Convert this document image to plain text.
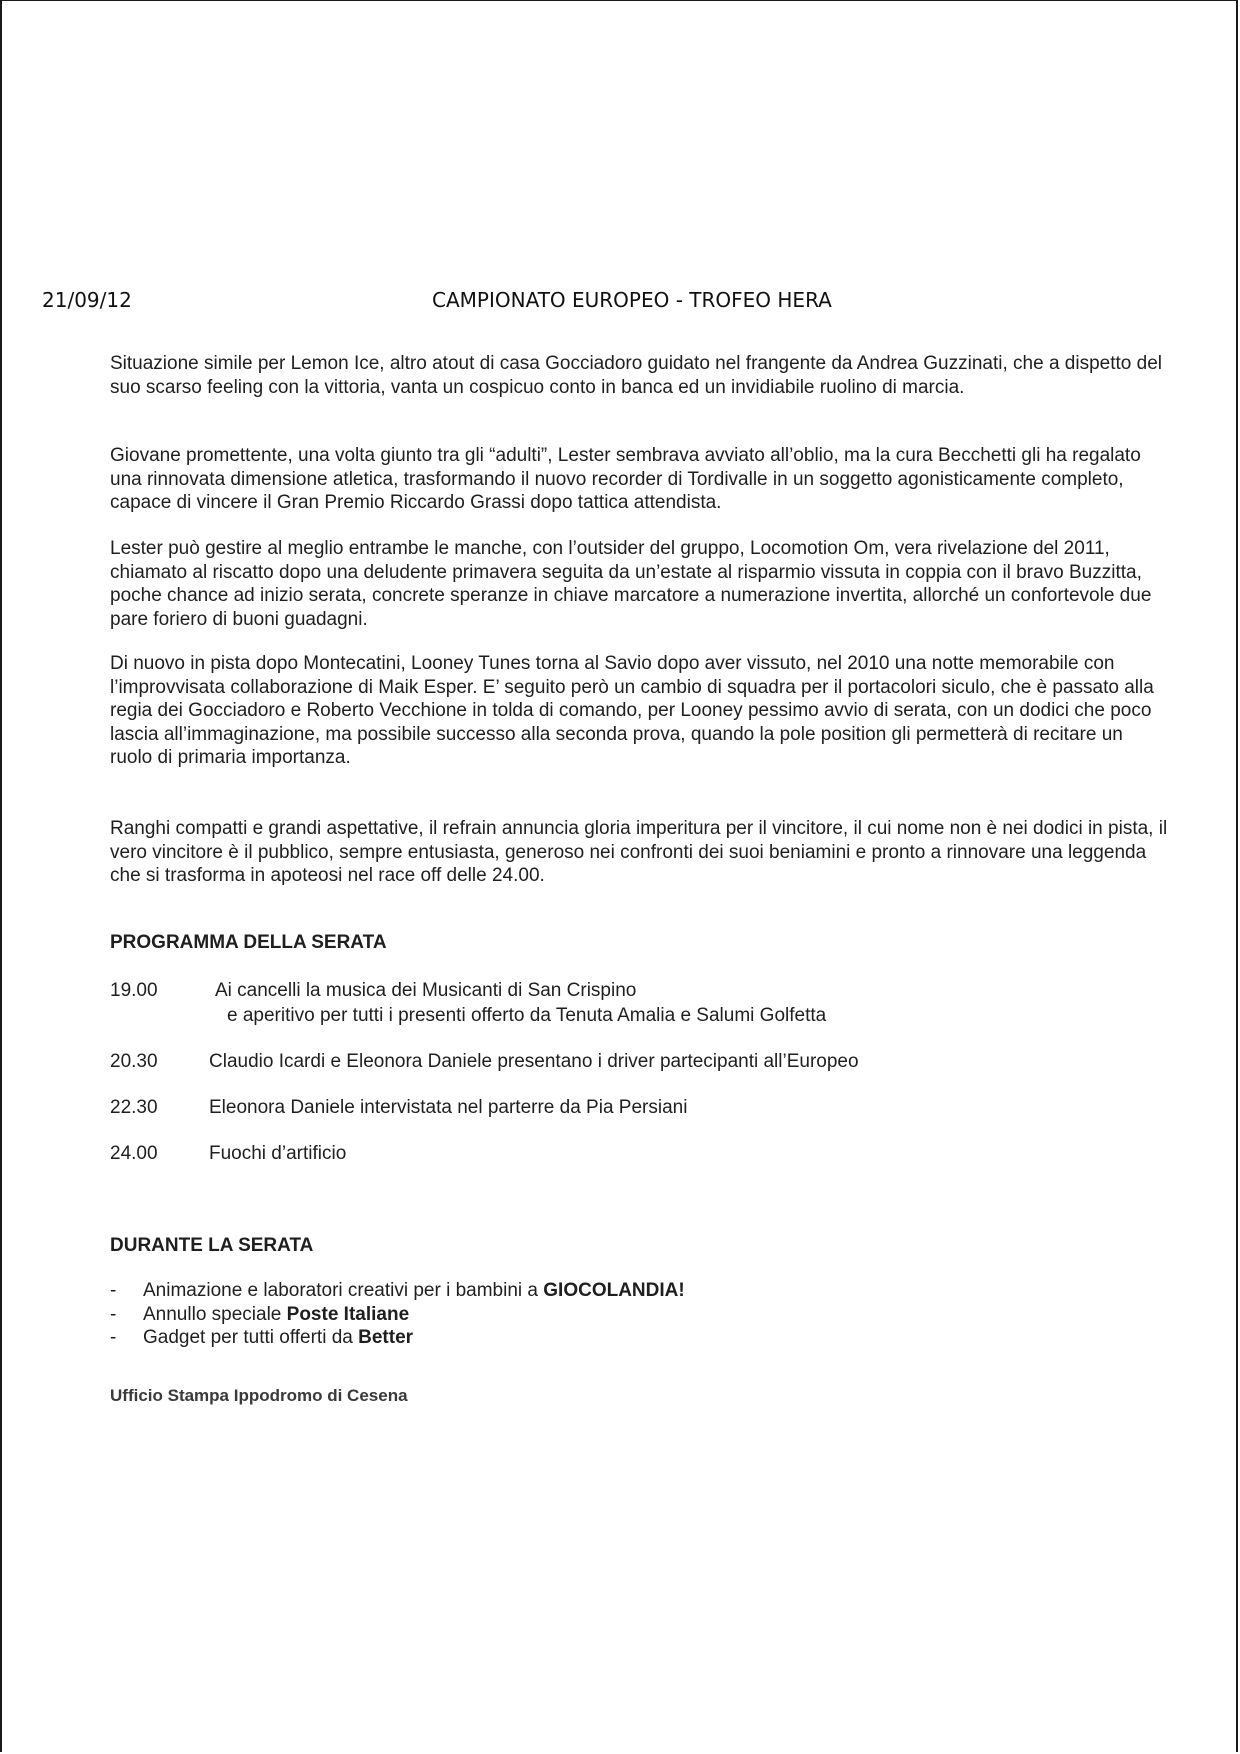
21/09/12	CAMPIONATO EUROPEO - TROFEO HERA

Situazione simile per Lemon Ice, altro atout di casa Gocciadoro guidato nel frangente da Andrea Guzzinati, che a dispetto del suo scarso feeling con la vittoria, vanta un cospicuo conto in banca ed un invidiabile ruolino di marcia.

Giovane promettente, una volta giunto tra gli “adulti”, Lester sembrava avviato all’oblio, ma la cura Becchetti gli ha regalato una rinnovata dimensione atletica, trasformando il nuovo recorder di Tordivalle in un soggetto agonisticamente completo, capace di vincere il Gran Premio Riccardo Grassi dopo tattica attendista.

Lester può gestire al meglio entrambe le manche, con l’outsider del gruppo, Locomotion Om, vera rivelazione del 2011, chiamato al riscatto dopo una deludente primavera seguita da un’estate al risparmio vissuta in coppia con il bravo Buzzitta, poche chance ad inizio serata, concrete speranze in chiave marcatore a numerazione invertita, allorché un confortevole due pare foriero di buoni guadagni.

Di nuovo in pista dopo Montecatini, Looney Tunes torna al Savio dopo aver vissuto, nel 2010 una notte memorabile con l’improvvisata collaborazione di Maik Esper. E’ seguito però un cambio di squadra per il portacolori siculo, che è passato alla regia dei Gocciadoro e Roberto Vecchione in tolda di comando, per Looney pessimo avvio di serata, con un dodici che poco lascia all’immaginazione, ma possibile successo alla seconda prova, quando la pole position gli permetterà di recitare un ruolo di primaria importanza.

Ranghi compatti e grandi aspettative, il refrain annuncia gloria imperitura per il vincitore, il cui nome non è nei dodici in pista, il vero vincitore è il pubblico, sempre entusiasta, generoso nei confronti dei suoi beniamini e pronto a rinnovare una leggenda che si trasforma in apoteosi nel race off delle 24.00.

PROGRAMMA DELLA SERATA
19.00	Ai cancelli la musica dei Musicanti di San Crispino
e aperitivo per tutti i presenti offerto da Tenuta Amalia e Salumi Golfetta
20.30	Claudio Icardi e Eleonora Daniele presentano i driver partecipanti all’Europeo
22.30	Eleonora Daniele intervistata nel parterre da Pia Persiani
24.00	Fuochi d’artificio
DURANTE LA SERATA
- Animazione e laboratori creativi per i bambini a GIOCOLANDIA!
- Annullo speciale Poste Italiane
- Gadget per tutti offerti da Better
Ufficio Stampa Ippodromo di Cesena
